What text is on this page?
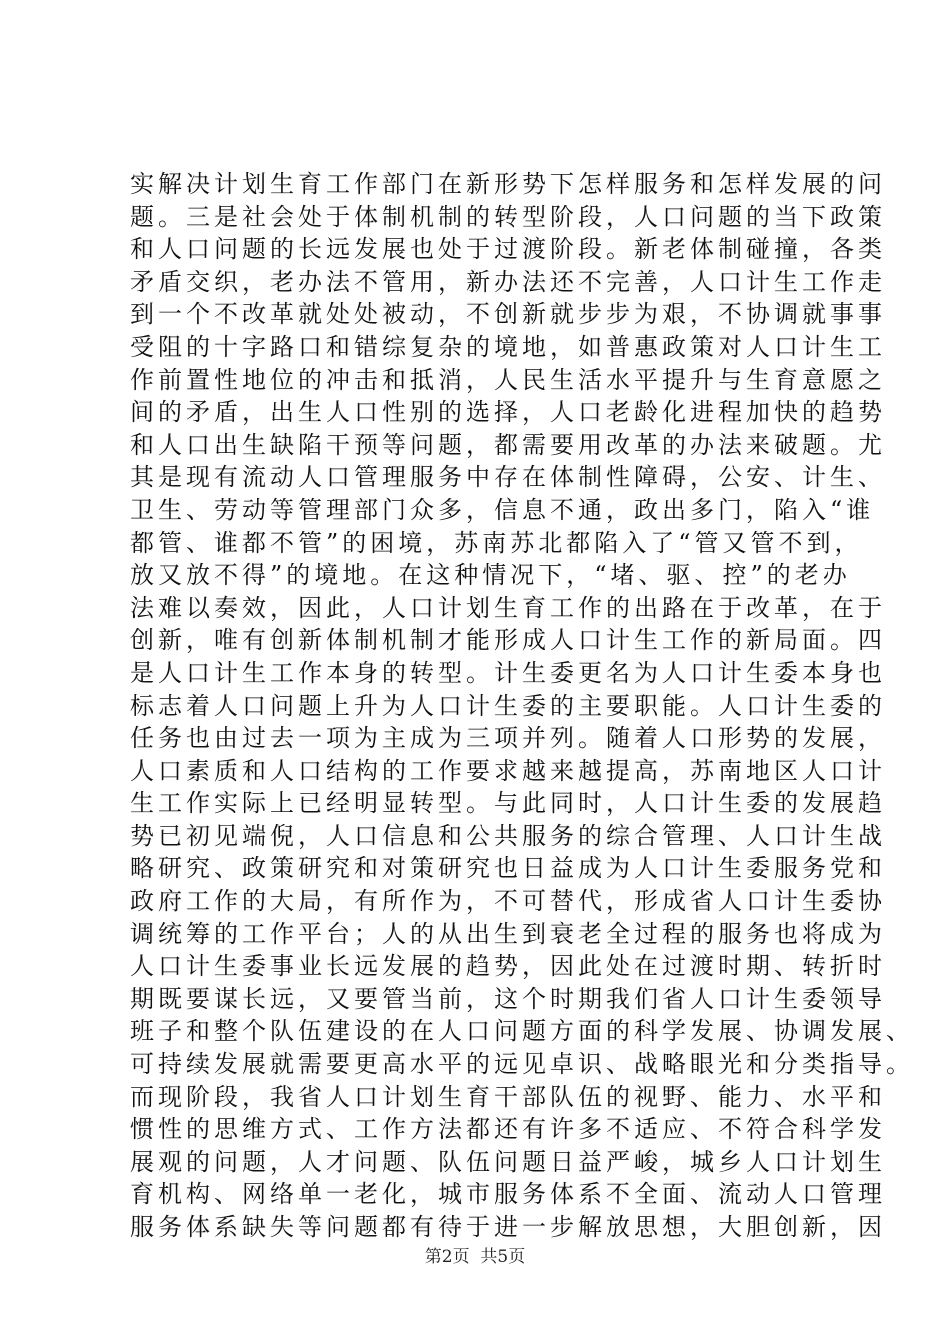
实解决计划生育工作部门在新形势下怎样服务和怎样发展的问
题。三是社会处于体制机制的转型阶段，人口问题的当下政策
和人口问题的长远发展也处于过渡阶段。新老体制碰撞，各类
矛盾交织，老办法不管用，新办法还不完善，人口计生工作走
到一个不改革就处处被动，不创新就步步为艰，不协调就事事
受阻的十字路口和错综复杂的境地，如普惠政策对人口计生工
作前置性地位的冲击和抵消，人民生活水平提升与生育意愿之
间的矛盾，出生人口性别的选择，人口老龄化进程加快的趋势
和人口出生缺陷干预等问题，都需要用改革的办法来破题。尤
其是现有流动人口管理服务中存在体制性障碍，公安、计生、
卫生、劳动等管理部门众多，信息不通，政出多门，陷入“谁
都管、谁都不管”的困境，苏南苏北都陷入了“管又管不到，
放又放不得”的境地。在这种情况下，“堵、驱、控”的老办
法难以奏效，因此，人口计划生育工作的出路在于改革，在于
创新，唯有创新体制机制才能形成人口计生工作的新局面。四
是人口计生工作本身的转型。计生委更名为人口计生委本身也
标志着人口问题上升为人口计生委的主要职能。人口计生委的
任务也由过去一项为主成为三项并列。随着人口形势的发展，
人口素质和人口结构的工作要求越来越提高，苏南地区人口计
生工作实际上已经明显转型。与此同时，人口计生委的发展趋
势已初见端倪，人口信息和公共服务的综合管理、人口计生战
略研究、政策研究和对策研究也日益成为人口计生委服务党和
政府工作的大局，有所作为，不可替代，形成省人口计生委协
调统筹的工作平台；人的从出生到衰老全过程的服务也将成为
人口计生委事业长远发展的趋势，因此处在过渡时期、转折时
期既要谋长远，又要管当前，这个时期我们省人口计生委领导
班子和整个队伍建设的在人口问题方面的科学发展、协调发展、
可持续发展就需要更高水平的远见卓识、战略眼光和分类指导。
而现阶段，我省人口计划生育干部队伍的视野、能力、水平和
惯性的思维方式、工作方法都还有许多不适应、不符合科学发
展观的问题，人才问题、队伍问题日益严峻，城乡人口计划生
育机构、网络单一老化，城市服务体系不全面、流动人口管理
服务体系缺失等问题都有待于进一步解放思想，大胆创新，因

第2页 共5页
